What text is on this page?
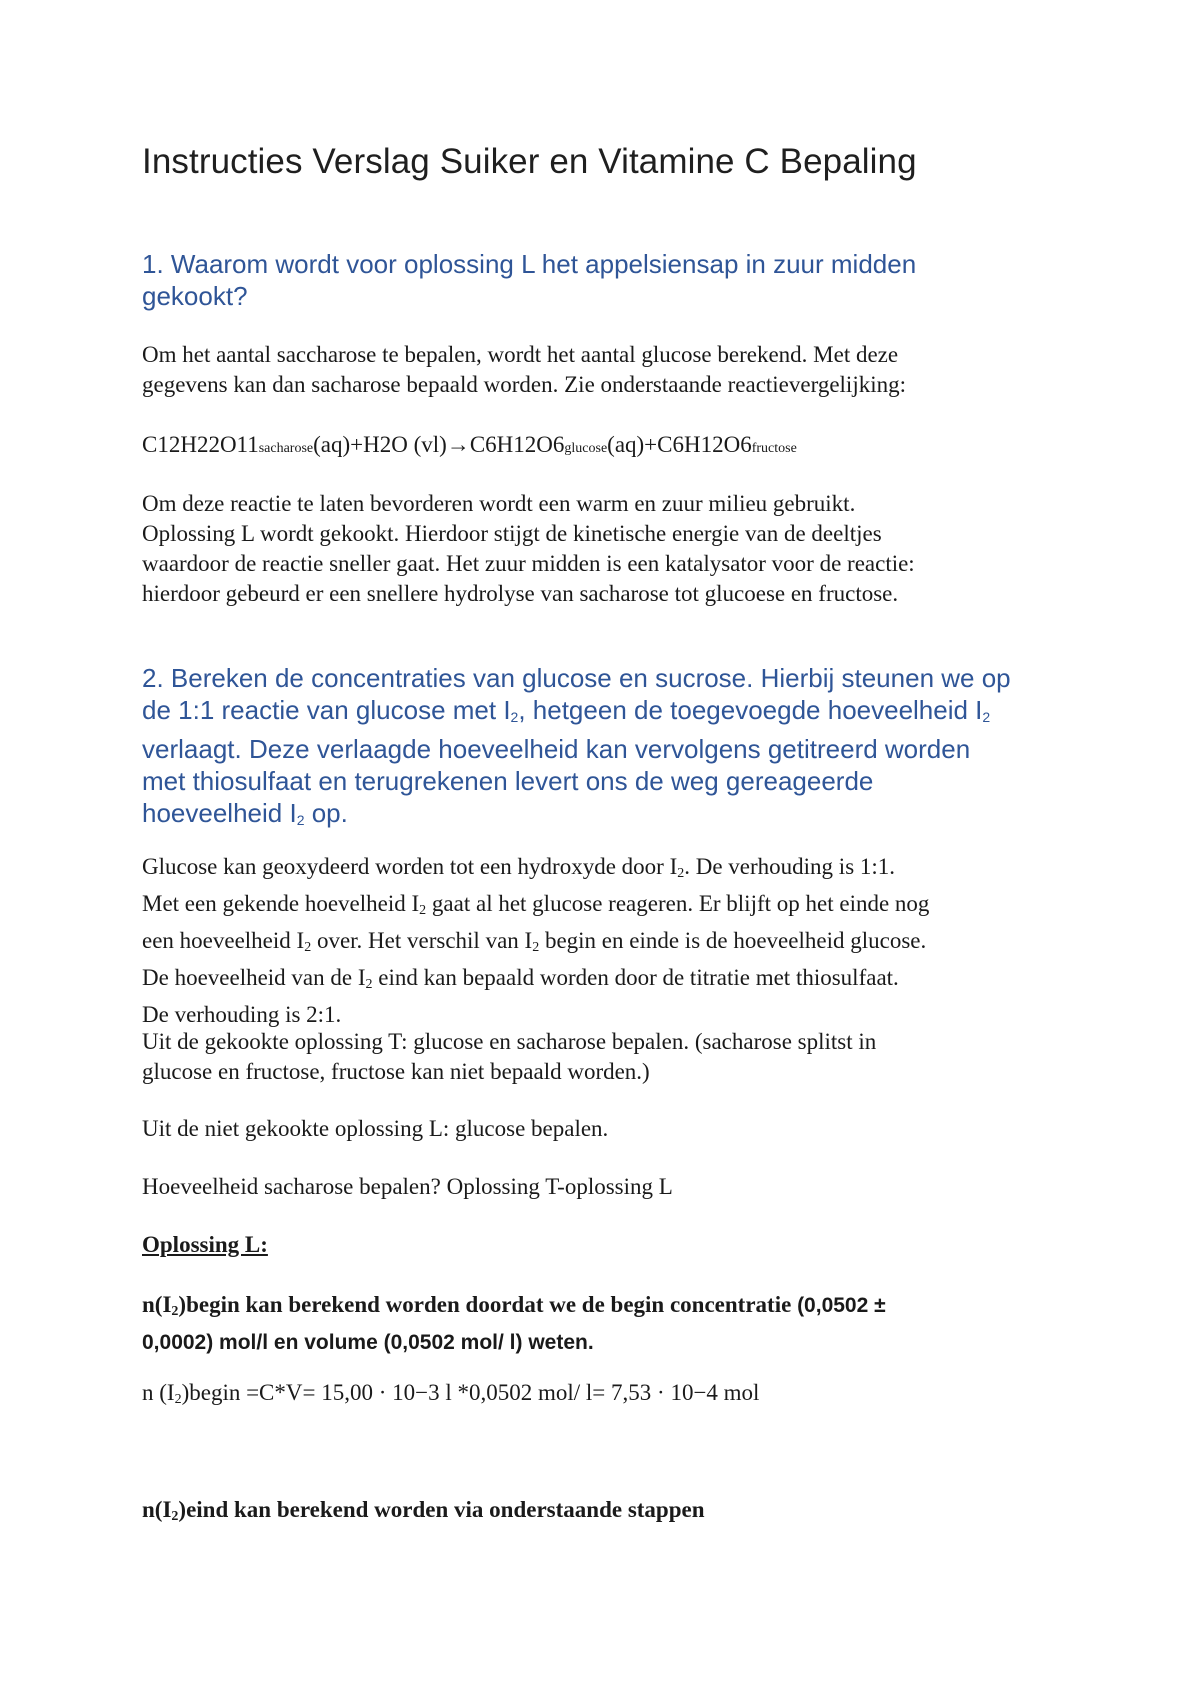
Instructies Verslag Suiker en Vitamine C Bepaling
1. Waarom wordt voor oplossing L het appelsiensap in zuur midden
gekookt?

Om het aantal saccharose te bepalen, wordt het aantal glucose berekend. Met deze
gegevens kan dan sacharose bepaald worden. Zie onderstaande reactievergelijking:

C12H22O11sacharose(aq)+H2O (vl)→C6H12O6glucose(aq)+C6H12O6fructose

Om deze reactie te laten bevorderen wordt een warm en zuur milieu gebruikt.
Oplossing L wordt gekookt. Hierdoor stijgt de kinetische energie van de deeltjes
waardoor de reactie sneller gaat. Het zuur midden is een katalysator voor de reactie:
hierdoor gebeurd er een snellere hydrolyse van sacharose tot glucoese en fructose.

2. Bereken de concentraties van glucose en sucrose. Hierbij steunen we op
de 1:1 reactie van glucose met $I_2$, hetgeen de toegevoegde hoeveelheid $I_2$
verlaagt. Deze verlaagde hoeveelheid kan vervolgens getitreerd worden
met thiosulfaat en terugrekenen levert ons de weg gereageerde
hoeveelheid $I_2$ op.

Glucose kan geoxydeerd worden tot een hydroxyde door $I_2$. De verhouding is 1:1.
Met een gekende hoevelheid $I_2$ gaat al het glucose reageren. Er blijft op het einde nog
een hoeveelheid $I_2$ over. Het verschil van $I_2$ begin en einde is de hoeveelheid glucose.
De hoeveelheid van de $I_2$ eind kan bepaald worden door de titratie met thiosulfaat.
De verhouding is 2:1.

Uit de gekookte oplossing T: glucose en sacharose bepalen. (sacharose splitst in
glucose en fructose, fructose kan niet bepaald worden.)

Uit de niet gekookte oplossing L: glucose bepalen.

Hoeveelheid sacharose bepalen? Oplossing T-oplossing L

Oplossing L:

$n(I_2)begin$ kan berekend worden doordat we de begin concentratie (0,0502 ±
0,0002) mol/l en volume (0,0502 mol/ l) weten.

n $(I_2)begin =C*V= 15,00 \cdot 10-3$ l *0,0502 mol/ l= 7,53 · 10−4 mol

$n(I_2)eind$ kan berekend worden via onderstaande stappen
